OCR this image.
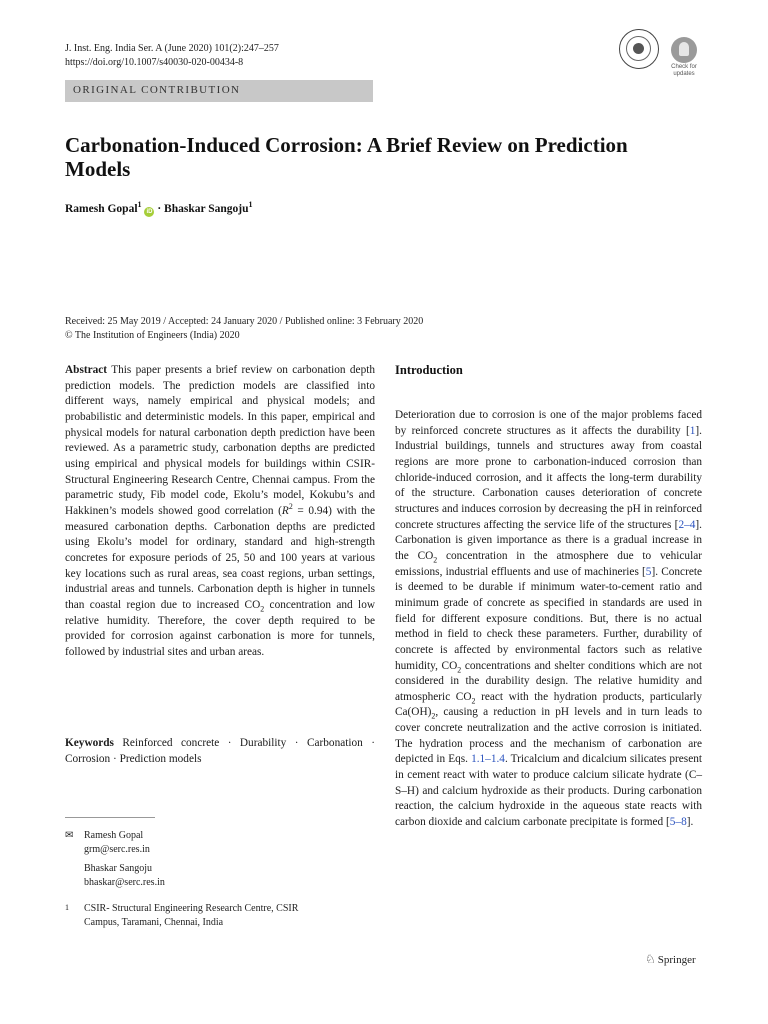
J. Inst. Eng. India Ser. A (June 2020) 101(2):247–257
https://doi.org/10.1007/s40030-020-00434-8	Check for updates
ORIGINAL CONTRIBUTION
Carbonation-Induced Corrosion: A Brief Review on Prediction Models
Ramesh Gopal$^1$ iD · Bhaskar Sangoju$^1$
Received: 25 May 2019 / Accepted: 24 January 2020 / Published online: 3 February 2020
© The Institution of Engineers (India) 2020
Abstract This paper presents a brief review on carbonation depth prediction models. The prediction models are classified into different ways, namely empirical and physical models; and probabilistic and deterministic models. In this paper, empirical and physical models for natural carbonation depth prediction have been reviewed. As a parametric study, carbonation depths are predicted using empirical and physical models for buildings within CSIR-Structural Engineering Research Centre, Chennai campus. From the parametric study, Fib model code, Ekolu’s model, Kokubu’s and Hakkinen’s models showed good correlation $(R^2 = 0.94)$ with the measured carbonation depths. Carbonation depths are predicted using Ekolu’s model for ordinary, standard and high-strength concretes for exposure periods of 25, 50 and 100 years at various key locations such as rural areas, sea coast regions, urban settings, industrial areas and tunnels. Carbonation depth is higher in tunnels than coastal region due to increased $CO_2$ concentration and low relative humidity. Therefore, the cover depth required to be provided for corrosion against carbonation is more for tunnels, followed by industrial sites and urban areas.
Keywords Reinforced concrete · Durability · Carbonation · Corrosion · Prediction models
✉ Ramesh Gopal
grm@serc.res.in
Bhaskar Sangoju
bhaskar@serc.res.in
1 CSIR- Structural Engineering Research Centre, CSIR
Campus, Taramani, Chennai, India
Introduction
Deterioration due to corrosion is one of the major problems faced by reinforced concrete structures as it affects the durability [1]. Industrial buildings, tunnels and structures away from coastal regions are more prone to carbonation-induced corrosion than chloride-induced corrosion, and it affects the long-term durability of the structure. Carbonation causes deterioration of concrete structures and induces corrosion by decreasing the pH in reinforced concrete structures affecting the service life of the structures [2–4]. Carbonation is given importance as there is a gradual increase in the $CO_2$ concentration in the atmosphere due to vehicular emissions, industrial effluents and use of machineries [5]. Concrete is deemed to be durable if minimum water-to-cement ratio and minimum grade of concrete as specified in standards are used in field for different exposure conditions. But, there is no actual method in field to check these parameters. Further, durability of concrete is affected by environmental factors such as relative humidity, $CO_2$ concentrations and shelter conditions which are not considered in the durability design. The relative humidity and atmospheric $CO_2$ react with the hydration products, particularly $Ca(OH)_2$, causing a reduction in pH levels and in turn leads to cover concrete neutralization and the active corrosion is initiated. The hydration process and the mechanism of carbonation are depicted in Eqs. 1.1–1.4. Tricalcium and dicalcium silicates present in cement react with water to produce calcium silicate hydrate (C–S–H) and calcium hydroxide as their products. During carbonation reaction, the calcium hydroxide in the aqueous state reacts with carbon dioxide and calcium carbonate precipitate is formed [5–8].
♘ Springer
